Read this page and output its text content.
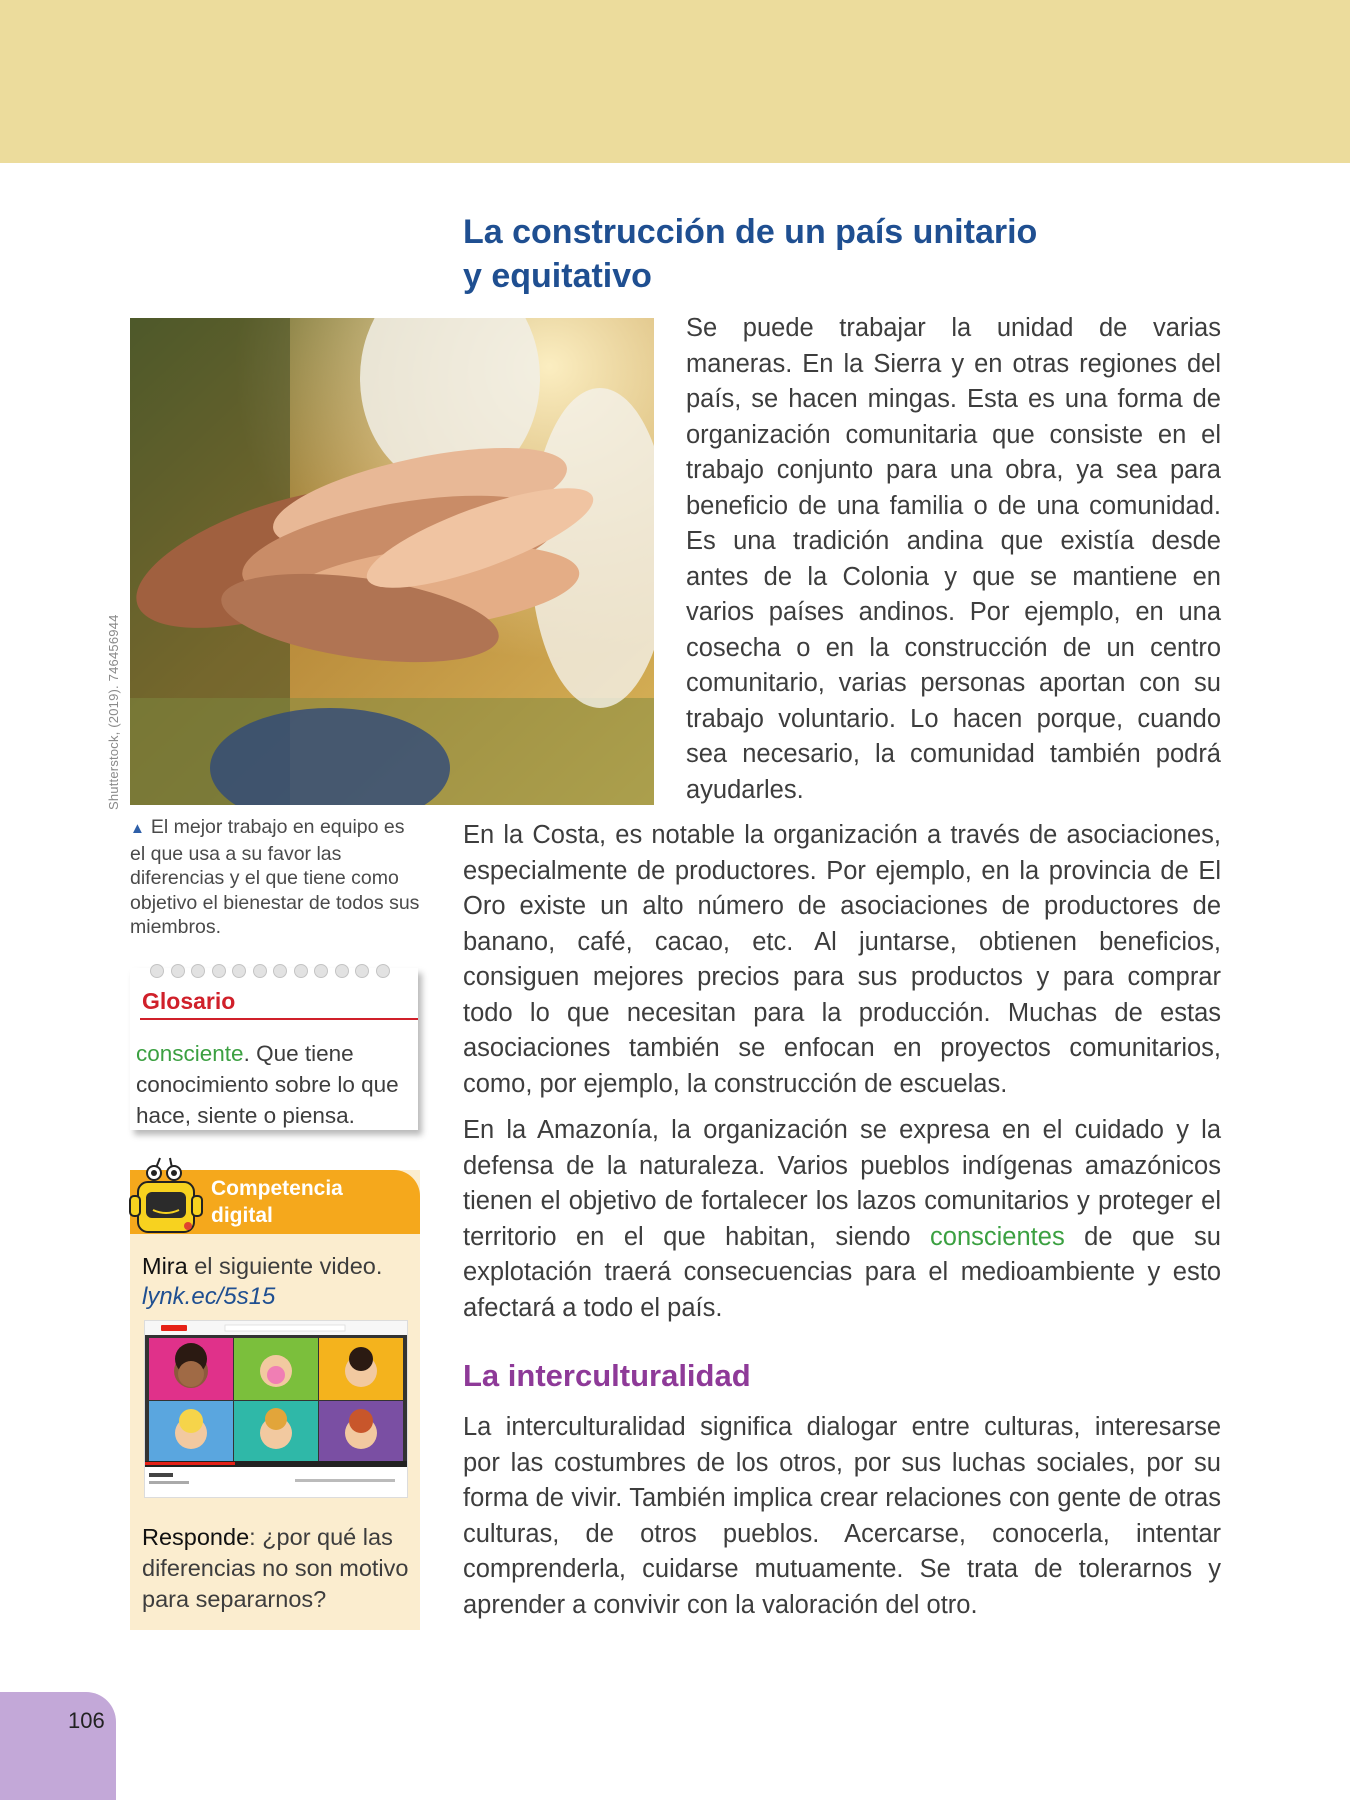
La construcción de un país unitario
y equitativo
Shutterstock, (2019). 746456944

▲ El mejor trabajo en equipo es el que usa a su favor las diferencias y el que tiene como objetivo el bienestar de todos sus miembros.

Se puede trabajar la unidad de varias maneras. En la Sierra y en otras regiones del país, se hacen mingas. Esta es una forma de organización comunitaria que consiste en el trabajo conjunto para una obra, ya sea para beneficio de una familia o de una comunidad. Es una tradición andina que existía desde antes de la Colonia y que se mantiene en varios países andinos. Por ejemplo, en una cosecha o en la construcción de un centro comunitario, varias personas aportan con su trabajo voluntario. Lo hacen porque, cuando sea necesario, la comunidad también podrá ayudarles.

En la Costa, es notable la organización a través de asociaciones, especialmente de productores. Por ejemplo, en la provincia de El Oro existe un alto número de asociaciones de productores de banano, café, cacao, etc. Al juntarse, obtienen beneficios, consiguen mejores precios para sus productos y para comprar todo lo que necesitan para la producción. Muchas de estas asociaciones también se enfocan en proyectos comunitarios, como, por ejemplo, la construcción de escuelas.

En la Amazonía, la organización se expresa en el cuidado y la defensa de la naturaleza. Varios pueblos indígenas amazónicos tienen el objetivo de fortalecer los lazos comunitarios y proteger el territorio en el que habitan, siendo conscientes de que su explotación traerá consecuencias para el medioambiente y esto afectará a todo el país.

La interculturalidad

La interculturalidad significa dialogar entre culturas, interesarse por las costumbres de los otros, por sus luchas sociales, por su forma de vivir. También implica crear relaciones con gente de otras culturas, de otros pueblos. Acercarse, conocerla, intentar comprenderla, cuidarse mutuamente. Se trata de tolerarnos y aprender a convivir con la valoración del otro.

Glosario

consciente. Que tiene conocimiento sobre lo que hace, siente o piensa.

Competencia
digital

Mira el siguiente video.

lynk.ec/5s15

Responde: ¿por qué las diferencias no son motivo para separarnos?

106
